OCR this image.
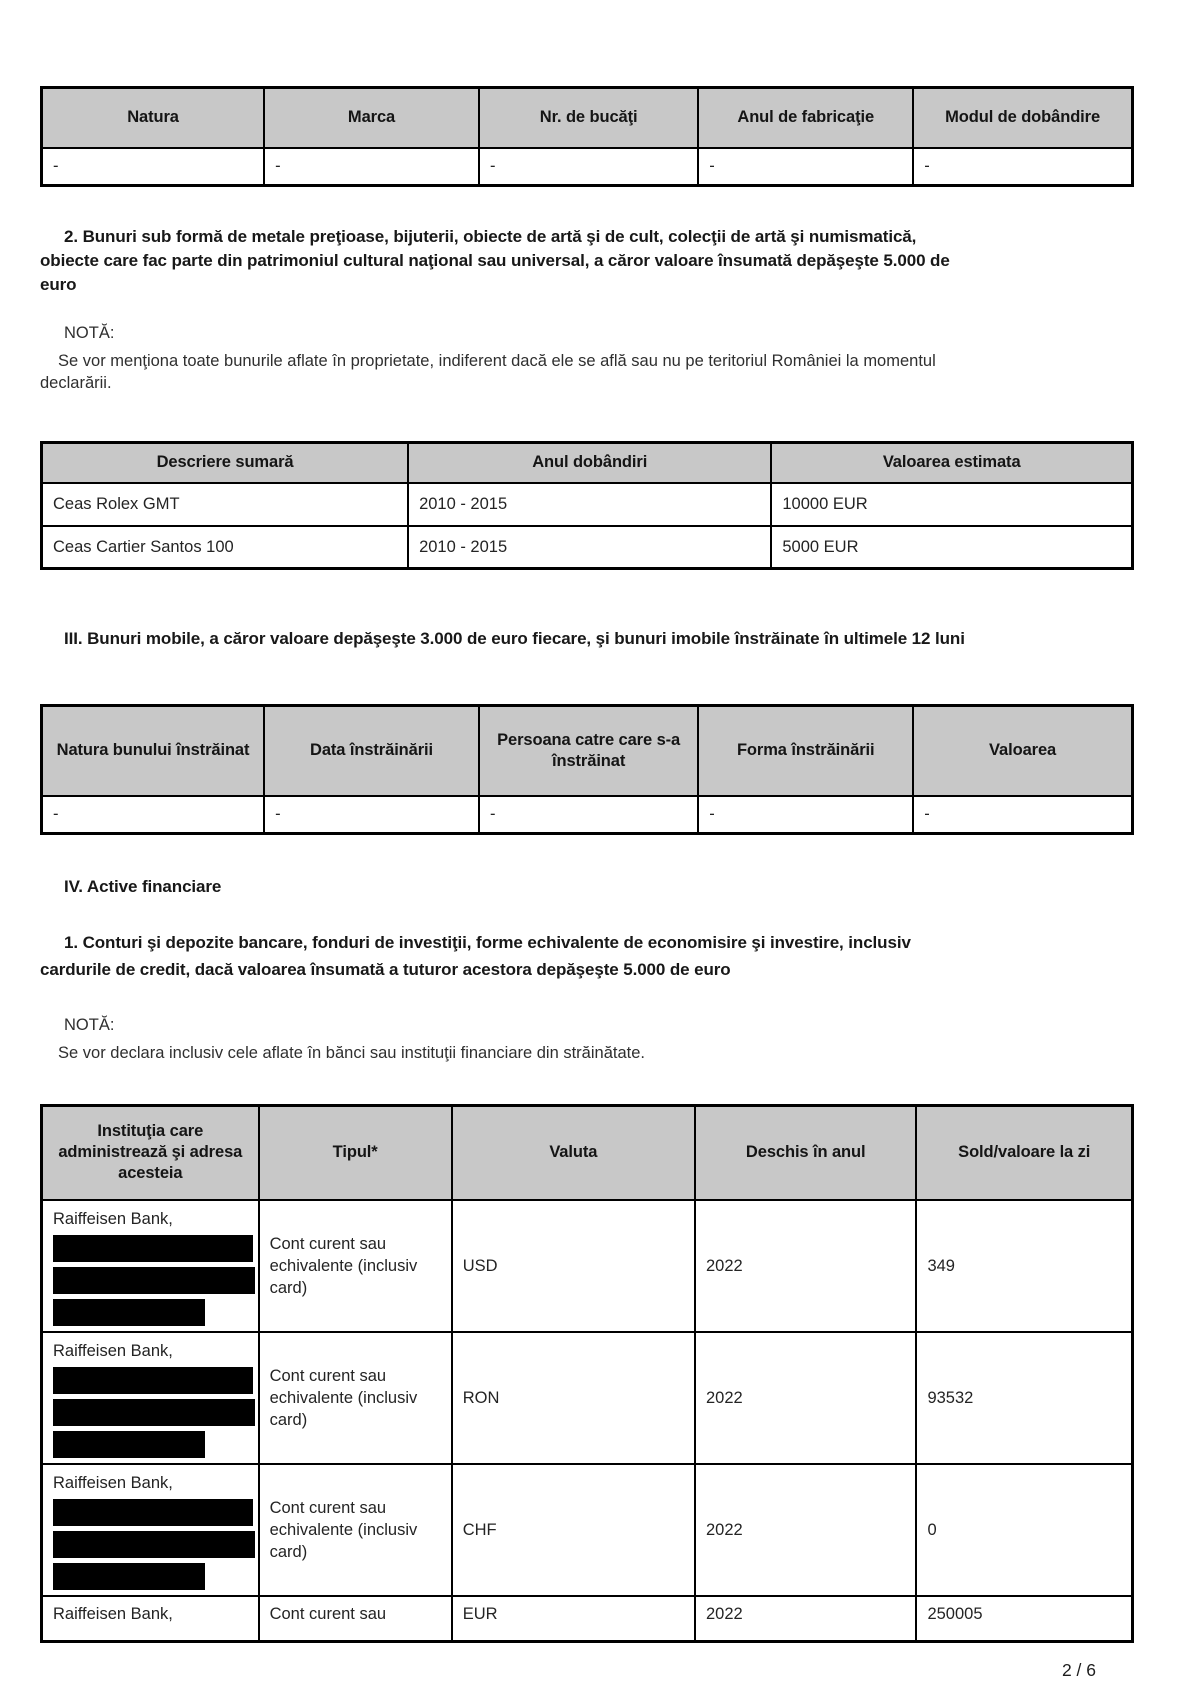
Natura	Marca	Nr. de bucăţi	Anul de fabricaţie	Modul de dobândire
-	-	-	-	-

2. Bunuri sub formă de metale preţioase, bijuterii, obiecte de artă şi de cult, colecţii de artă şi numismatică, obiecte care fac parte din patrimoniul cultural naţional sau universal, a căror valoare însumată depăşeşte 5.000 de euro

NOTĂ:

Se vor menţiona toate bunurile aflate în proprietate, indiferent dacă ele se află sau nu pe teritoriul României la momentul declarării.

Descriere sumară	Anul dobândiri	Valoarea estimata
Ceas Rolex GMT	2010 - 2015	10000 EUR
Ceas Cartier Santos 100	2010 - 2015	5000 EUR

III. Bunuri mobile, a căror valoare depăşeşte 3.000 de euro fiecare, şi bunuri imobile înstrăinate în ultimele 12 luni

Natura bunului înstrăinat	Data înstrăinării	Persoana catre care s-a înstrăinat	Forma înstrăinării	Valoarea
-	-	-	-	-

IV. Active financiare

1. Conturi şi depozite bancare, fonduri de investiţii, forme echivalente de economisire şi investire, inclusiv cardurile de credit, dacă valoarea însumată a tuturor acestora depăşeşte 5.000 de euro

NOTĂ:

Se vor declara inclusiv cele aflate în bănci sau instituţii financiare din străinătate.

Instituţia care administrează şi adresa acesteia	Tipul*	Valuta	Deschis în anul	Sold/valoare la zi
Raiffeisen Bank,	Cont curent sau echivalente (inclusiv card)	USD	2022	349
Raiffeisen Bank,	Cont curent sau echivalente (inclusiv card)	RON	2022	93532
Raiffeisen Bank,	Cont curent sau echivalente (inclusiv card)	CHF	2022	0
Raiffeisen Bank,	Cont curent sau	EUR	2022	250005
2 / 6
